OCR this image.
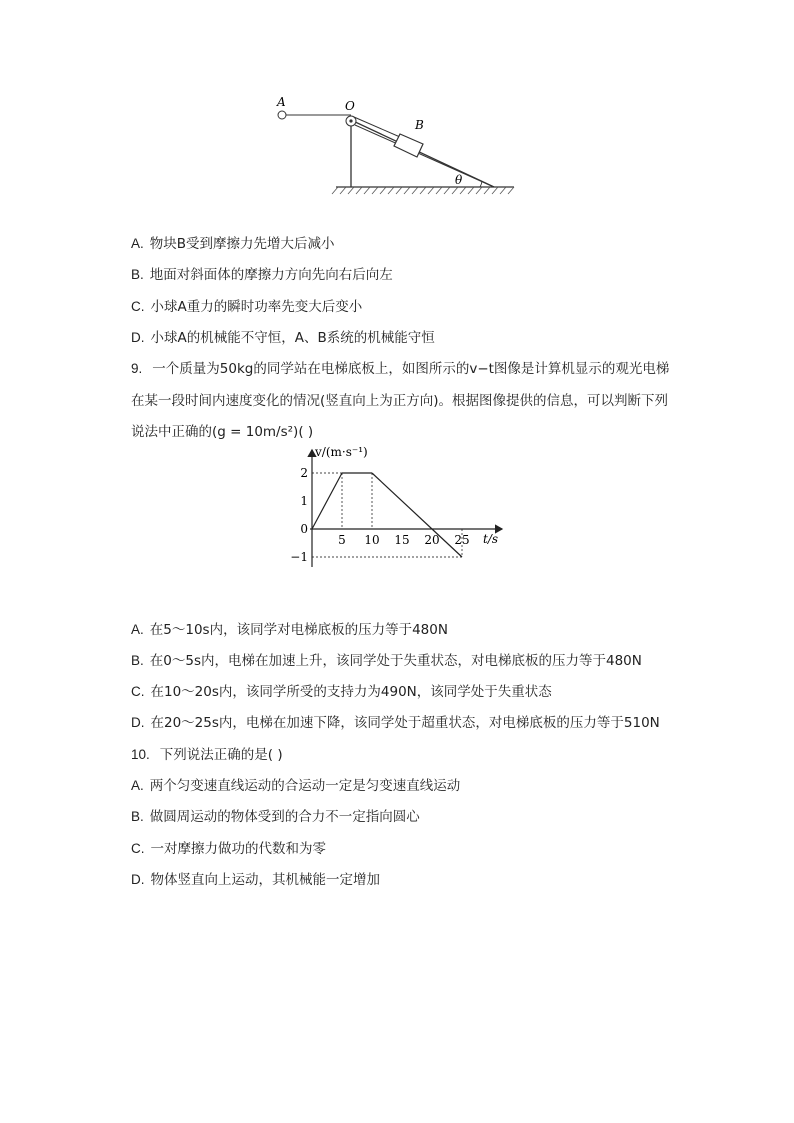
A	O
B
θ
A. 物块B受到摩擦力先增大后减小
B. 地面对斜面体的摩擦力方向先向右后向左
C. 小球A重力的瞬时功率先变大后变小
D. 小球A的机械能不守恒，A、B系统的机械能守恒
9. 一个质量为50kg的同学站在电梯底板上，如图所示的v−t图像是计算机显示的观光电梯
在某一段时间内速度变化的情况(竖直向上为正方向)。根据图像提供的信息，可以判断下列
说法中正确的(g = 10m/s²)( )
5 10 15 20 25
2
1
0
−1
v/(m·s⁻¹)
t/s
A. 在5～10s内，该同学对电梯底板的压力等于480N
B. 在0～5s内，电梯在加速上升，该同学处于失重状态，对电梯底板的压力等于480N
C. 在10～20s内，该同学所受的支持力为490N，该同学处于失重状态
D. 在20～25s内，电梯在加速下降，该同学处于超重状态，对电梯底板的压力等于510N
10. 下列说法正确的是( )
A. 两个匀变速直线运动的合运动一定是匀变速直线运动
B. 做圆周运动的物体受到的合力不一定指向圆心
C. 一对摩擦力做功的代数和为零
D. 物体竖直向上运动，其机械能一定增加
